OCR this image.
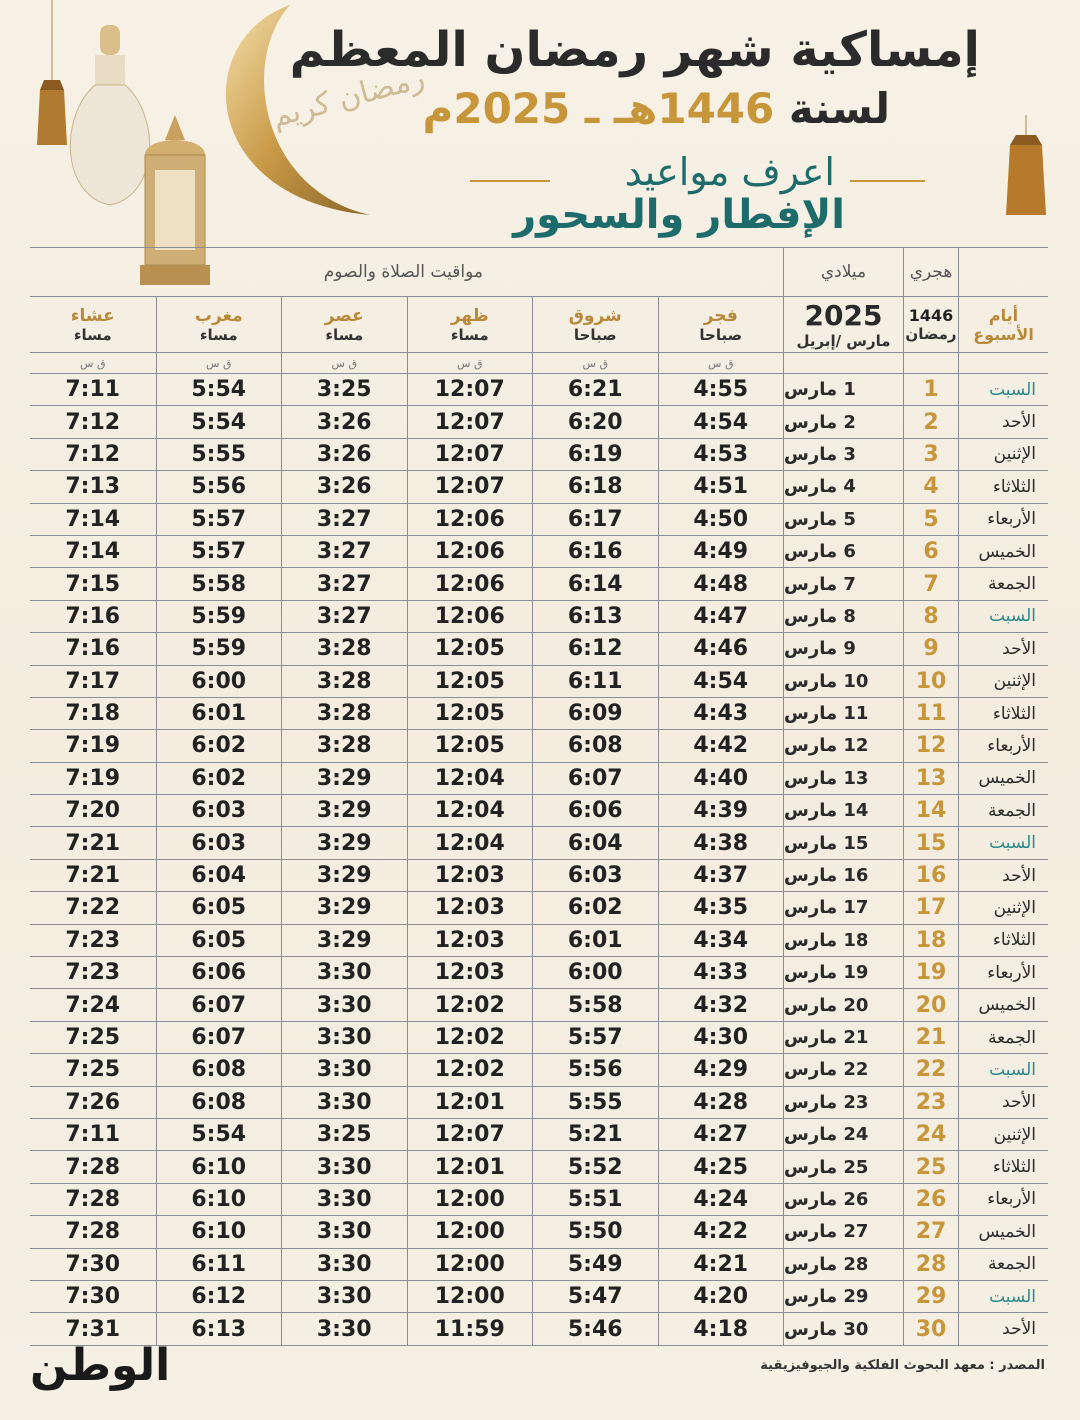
رمضان كريم
إمساكية شهر رمضان المعظم
لسنة 1446هـ ـ 2025م
اعرف مواعيد
الإفطار والسحور
هجري
ميلادي
مواقيت الصلاة والصوم
أيام الأسبوع
1446
رمضان
2025
مارس /إبريل
فجر
صباحا
شروق
صباحا
ظهر
مساء
عصر
مساء
مغرب
مساء
عشاء
مساء
ق س
ق س
ق س
ق س
ق س
ق س
السبت
1
1 مارس
4:55
6:21
12:07
3:25
5:54
7:11
الأحد
2
2 مارس
4:54
6:20
12:07
3:26
5:54
7:12
الإثنين
3
3 مارس
4:53
6:19
12:07
3:26
5:55
7:12
الثلاثاء
4
4 مارس
4:51
6:18
12:07
3:26
5:56
7:13
الأربعاء
5
5 مارس
4:50
6:17
12:06
3:27
5:57
7:14
الخميس
6
6 مارس
4:49
6:16
12:06
3:27
5:57
7:14
الجمعة
7
7 مارس
4:48
6:14
12:06
3:27
5:58
7:15
السبت
8
8 مارس
4:47
6:13
12:06
3:27
5:59
7:16
الأحد
9
9 مارس
4:46
6:12
12:05
3:28
5:59
7:16
الإثنين
10
10 مارس
4:54
6:11
12:05
3:28
6:00
7:17
الثلاثاء
11
11 مارس
4:43
6:09
12:05
3:28
6:01
7:18
الأربعاء
12
12 مارس
4:42
6:08
12:05
3:28
6:02
7:19
الخميس
13
13 مارس
4:40
6:07
12:04
3:29
6:02
7:19
الجمعة
14
14 مارس
4:39
6:06
12:04
3:29
6:03
7:20
السبت
15
15 مارس
4:38
6:04
12:04
3:29
6:03
7:21
الأحد
16
16 مارس
4:37
6:03
12:03
3:29
6:04
7:21
الإثنين
17
17 مارس
4:35
6:02
12:03
3:29
6:05
7:22
الثلاثاء
18
18 مارس
4:34
6:01
12:03
3:29
6:05
7:23
الأربعاء
19
19 مارس
4:33
6:00
12:03
3:30
6:06
7:23
الخميس
20
20 مارس
4:32
5:58
12:02
3:30
6:07
7:24
الجمعة
21
21 مارس
4:30
5:57
12:02
3:30
6:07
7:25
السبت
22
22 مارس
4:29
5:56
12:02
3:30
6:08
7:25
الأحد
23
23 مارس
4:28
5:55
12:01
3:30
6:08
7:26
الإثنين
24
24 مارس
4:27
5:21
12:07
3:25
5:54
7:11
الثلاثاء
25
25 مارس
4:25
5:52
12:01
3:30
6:10
7:28
الأربعاء
26
26 مارس
4:24
5:51
12:00
3:30
6:10
7:28
الخميس
27
27 مارس
4:22
5:50
12:00
3:30
6:10
7:28
الجمعة
28
28 مارس
4:21
5:49
12:00
3:30
6:11
7:30
السبت
29
29 مارس
4:20
5:47
12:00
3:30
6:12
7:30
الأحد
30
30 مارس
4:18
5:46
11:59
3:30
6:13
7:31
المصدر : معهد البحوث الفلكية والجيوفيزيقية
الوطن
